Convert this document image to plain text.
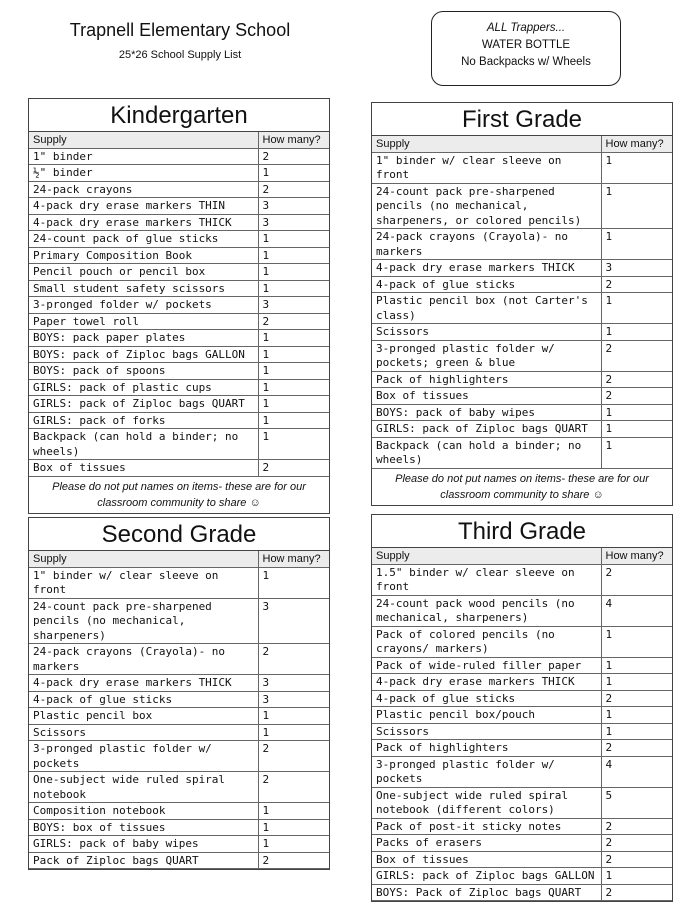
Trapnell Elementary School
25*26 School Supply List
ALL Trappers...
WATER BOTTLE
No Backpacks w/ Wheels
Kindergarten
Supply	How many?
1" binder	2
½" binder	1
24-pack crayons	2
4-pack dry erase markers THIN	3
4-pack dry erase markers THICK	3
24-count pack of glue sticks	1
Primary Composition Book	1
Pencil pouch or pencil box	1
Small student safety scissors	1
3-pronged folder w/ pockets	3
Paper towel roll	2
BOYS: pack paper plates	1
BOYS: pack of Ziploc bags GALLON	1
BOYS: pack of spoons	1
GIRLS: pack of plastic cups	1
GIRLS: pack of Ziploc bags QUART	1
GIRLS: pack of forks	1
Backpack (can hold a binder; no wheels)	1
Box of tissues	2
Please do not put names on items- these are for our classroom community to share ☺
First Grade
Supply	How many?
1" binder w/ clear sleeve on front	1
24-count pack pre-sharpened pencils (no mechanical, sharpeners, or colored pencils)	1
24-pack crayons (Crayola)- no markers	1
4-pack dry erase markers THICK	3
4-pack of glue sticks	2
Plastic pencil box (not Carter's class)	1
Scissors	1
3-pronged plastic folder w/ pockets; green & blue	2
Pack of highlighters	2
Box of tissues	2
BOYS: pack of baby wipes	1
GIRLS: pack of Ziploc bags QUART	1
Backpack (can hold a binder; no wheels)	1
Please do not put names on items- these are for our classroom community to share ☺
Second Grade
Supply	How many?
1" binder w/ clear sleeve on front	1
24-count pack pre-sharpened pencils (no mechanical, sharpeners)	3
24-pack crayons (Crayola)- no markers	2
4-pack dry erase markers THICK	3
4-pack of glue sticks	3
Plastic pencil box	1
Scissors	1
3-pronged plastic folder w/ pockets	2
One-subject wide ruled spiral notebook	2
Composition notebook	1
BOYS: box of tissues	1
GIRLS: pack of baby wipes	1
Pack of Ziploc bags QUART	2
Third Grade
Supply	How many?
1.5" binder w/ clear sleeve on front	2
24-count pack wood pencils (no mechanical, sharpeners)	4
Pack of colored pencils (no crayons/ markers)	1
Pack of wide-ruled filler paper	1
4-pack dry erase markers THICK	1
4-pack of glue sticks	2
Plastic pencil box/pouch	1
Scissors	1
Pack of highlighters	2
3-pronged plastic folder w/ pockets	4
One-subject wide ruled spiral notebook (different colors)	5
Pack of post-it sticky notes	2
Packs of erasers	2
Box of tissues	2
GIRLS: pack of Ziploc bags GALLON	1
BOYS: Pack of Ziploc bags QUART	2
